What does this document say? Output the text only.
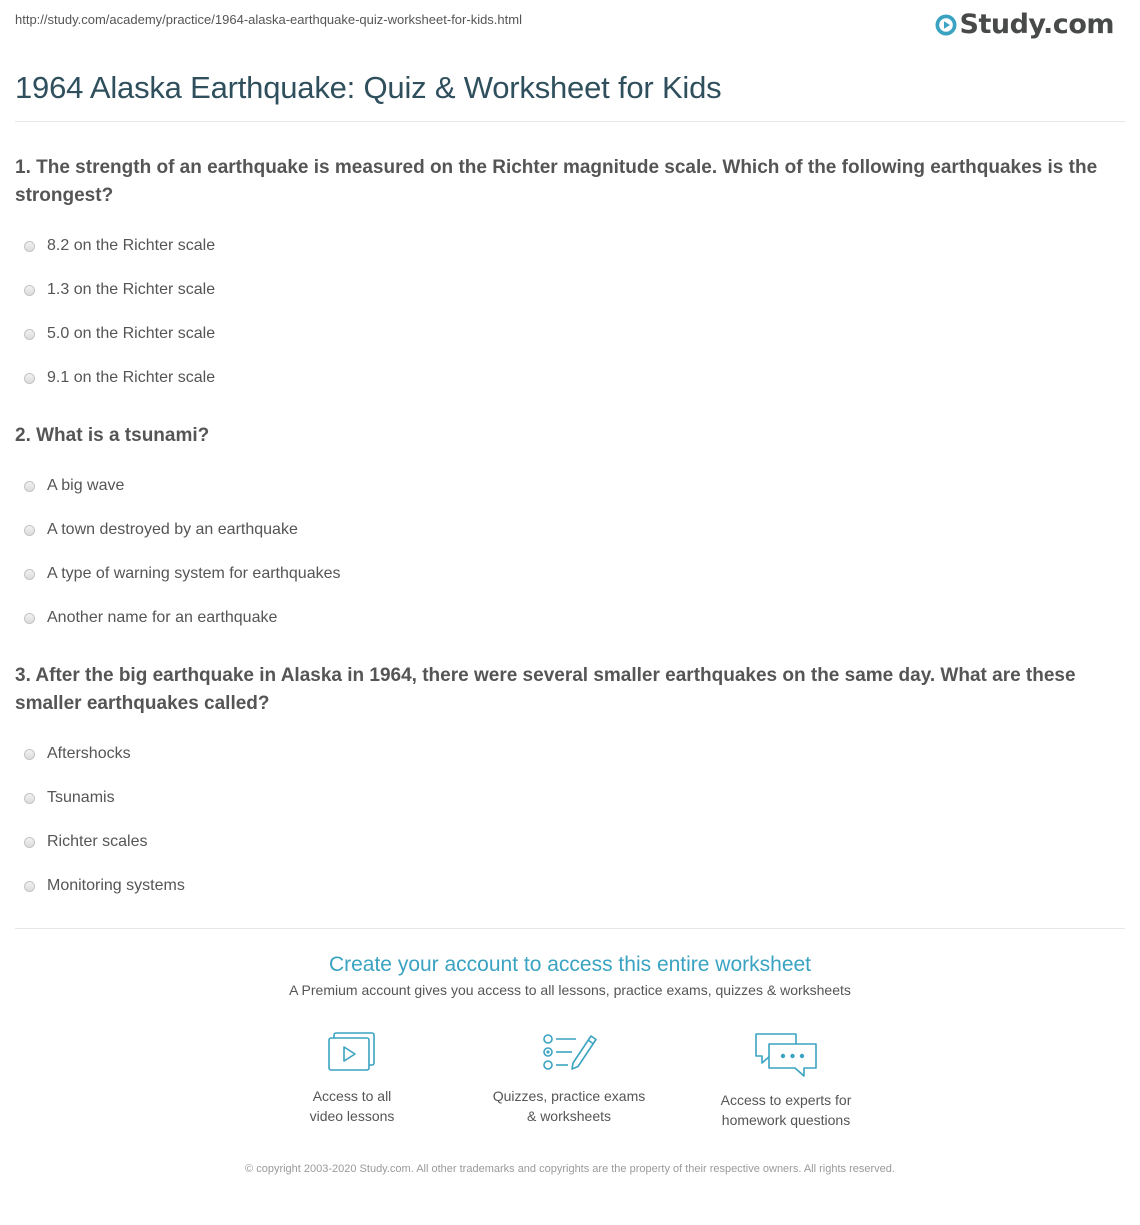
http://study.com/academy/practice/1964-alaska-earthquake-quiz-worksheet-for-kids.html	Study.com
1964 Alaska Earthquake: Quiz & Worksheet for Kids

1. The strength of an earthquake is measured on the Richter magnitude scale. Which of the following earthquakes is the strongest?

8.2 on the Richter scale
1.3 on the Richter scale
5.0 on the Richter scale
9.1 on the Richter scale

2. What is a tsunami?

A big wave
A town destroyed by an earthquake
A type of warning system for earthquakes
Another name for an earthquake

3. After the big earthquake in Alaska in 1964, there were several smaller earthquakes on the same day. What are these smaller earthquakes called?

Aftershocks
Tsunamis
Richter scales
Monitoring systems
Create your account to access this entire worksheet

A Premium account gives you access to all lessons, practice exams, quizzes & worksheets

Access to all
video lessons
Quizzes, practice exams
& worksheets
Access to experts for
homework questions

© copyright 2003-2020 Study.com. All other trademarks and copyrights are the property of their respective owners. All rights reserved.
